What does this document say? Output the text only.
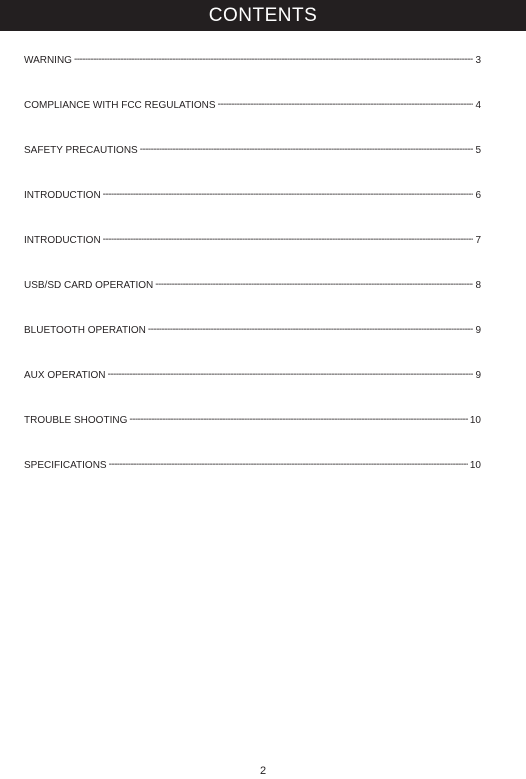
CONTENTS
WARNING -----	3
COMPLIANCE WITH FCC REGULATIONS -----	4
SAFETY PRECAUTIONS -----	5
INTRODUCTION -----	6
INTRODUCTION -----	7
USB/SD CARD OPERATION -----	8
BLUETOOTH OPERATION -----	9
AUX OPERATION -----	9
TROUBLE SHOOTING -----	10
SPECIFICATIONS -----	10
2
